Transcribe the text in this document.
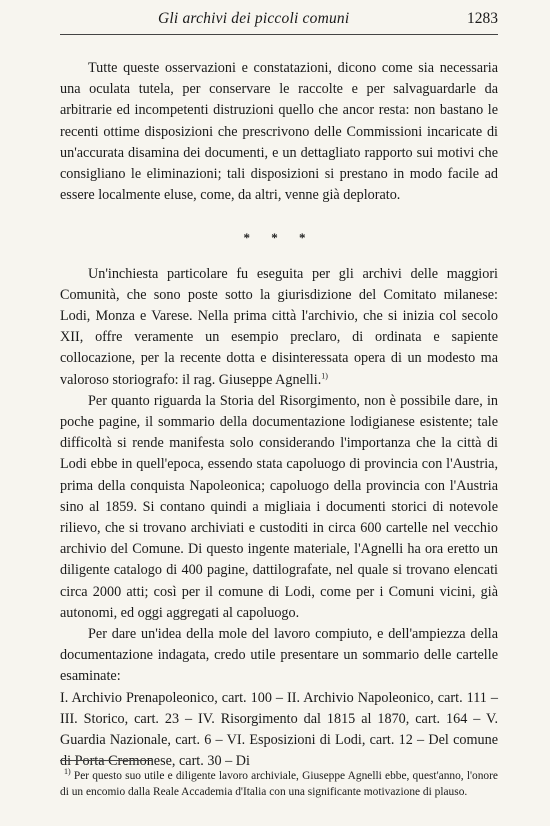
Gli archivi dei piccoli comuni	1283

Tutte queste osservazioni e constatazioni, dicono come sia necessaria una oculata tutela, per conservare le raccolte e per salvaguardarle da arbitrarie ed incompetenti distruzioni quello che ancor resta: non bastano le recenti ottime disposizioni che prescrivono delle Commissioni incaricate di un'accurata disamina dei documenti, e un dettagliato rapporto sui motivi che consigliano le eliminazioni; tali disposizioni si prestano in modo facile ad essere localmente eluse, come, da altri, venne già deplorato.

* * *

Un'inchiesta particolare fu eseguita per gli archivi delle maggiori Comunità, che sono poste sotto la giurisdizione del Comitato milanese: Lodi, Monza e Varese. Nella prima città l'archivio, che si inizia col secolo XII, offre veramente un esempio preclaro, di ordinata e sapiente collocazione, per la recente dotta e disinteressata opera di un modesto ma valoroso storiografo: il rag. Giuseppe Agnelli.$^{1)}$

Per quanto riguarda la Storia del Risorgimento, non è possibile dare, in poche pagine, il sommario della documentazione lodigianese esistente; tale difficoltà si rende manifesta solo considerando l'importanza che la città di Lodi ebbe in quell'epoca, essendo stata capoluogo di provincia con l'Austria, prima della conquista Napoleonica; capoluogo della provincia con l'Austria sino al 1859. Si contano quindi a migliaia i documenti storici di notevole rilievo, che si trovano archiviati e custoditi in circa 600 cartelle nel vecchio archivio del Comune. Di questo ingente materiale, l'Agnelli ha ora eretto un diligente catalogo di 400 pagine, dattilografate, nel quale si trovano elencati circa 2000 atti; così per il comune di Lodi, come per i Comuni vicini, già autonomi, ed oggi aggregati al capoluogo.

Per dare un'idea della mole del lavoro compiuto, e dell'ampiezza della documentazione indagata, credo utile presentare un sommario delle cartelle esaminate:

I. Archivio Prenapoleonico, cart. 100 – II. Archivio Napoleonico, cart. 111 – III. Storico, cart. 23 – IV. Risorgimento dal 1815 al 1870, cart. 164 – V. Guardia Nazionale, cart. 6 – VI. Esposizioni di Lodi, cart. 12 – Del comune di Porta Cremonese, cart. 30 – Di

$^{1)}$ Per questo suo utile e diligente lavoro archiviale, Giuseppe Agnelli ebbe, quest'anno, l'onore di un encomio dalla Reale Accademia d'Italia con una significante motivazione di plauso.
